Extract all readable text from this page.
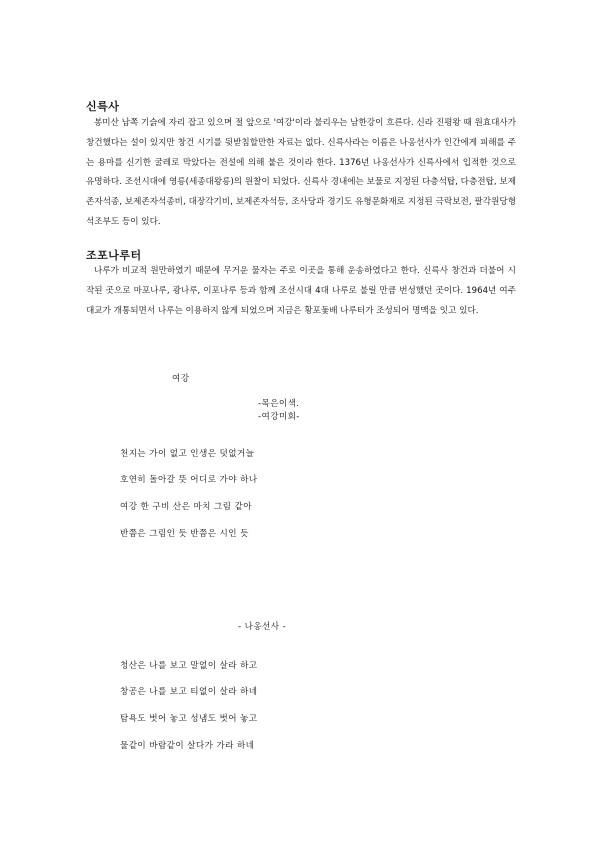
신륵사

봉미산 남쪽 기슭에 자리 잡고 있으며 절 앞으로 '여강'이라 불리우는 남한강이 흐른다. 신라 진평왕 때 원효대사가 창건했다는 설이 있지만 창건 시기를 뒷받침할만한 자료는 없다. 신륵사라는 이름은 나옹선사가 인간에게 피해를 주는 용마를 신기한 굴레로 막았다는 전설에 의해 붙은 것이라 한다. 1376년 나옹선사가 신륵사에서 입적한 것으로 유명하다. 조선시대에 영릉(세종대왕릉)의 원찰이 되었다. 신륵사 경내에는 보물로 지정된 다층석탑, 다층전탑, 보제존자석종, 보제존자석종비, 대장각기비, 보제존자석등, 조사당과 경기도 유형문화재로 지정된 극락보전, 팔각원당형석조부도 등이 있다.

조포나루터

나루가 비교적 원만하였기 때문에 무거운 물자는 주로 이곳을 통해 운송하였다고 한다. 신륵사 창건과 더불어 시작된 곳으로 마포나루, 광나루, 이포나루 등과 함께 조선시대 4대 나루로 불릴 만큼 번성했던 곳이다. 1964년 여주대교가 개통되면서 나루는 이용하지 않게 되었으며 지금은 황포돛배 나루터가 조성되어 명맥을 잇고 있다.

여강
-목은이색.
-여강미회-
천지는 가이 없고 인생은 덧없거늘
호연히 돌아갈 뜻 어디로 가야 하나
여강 한 구비 산은 마치 그림 같아
반쯤은 그림인 듯 반쯤은 시인 듯
- 나옹선사 -
청산은 나를 보고 말없이 살라 하고
창공은 나를 보고 티없이 살라 하네
탐욕도 벗어 놓고 성냄도 벗어 놓고
물같이 바람같이 살다가 가라 하네
